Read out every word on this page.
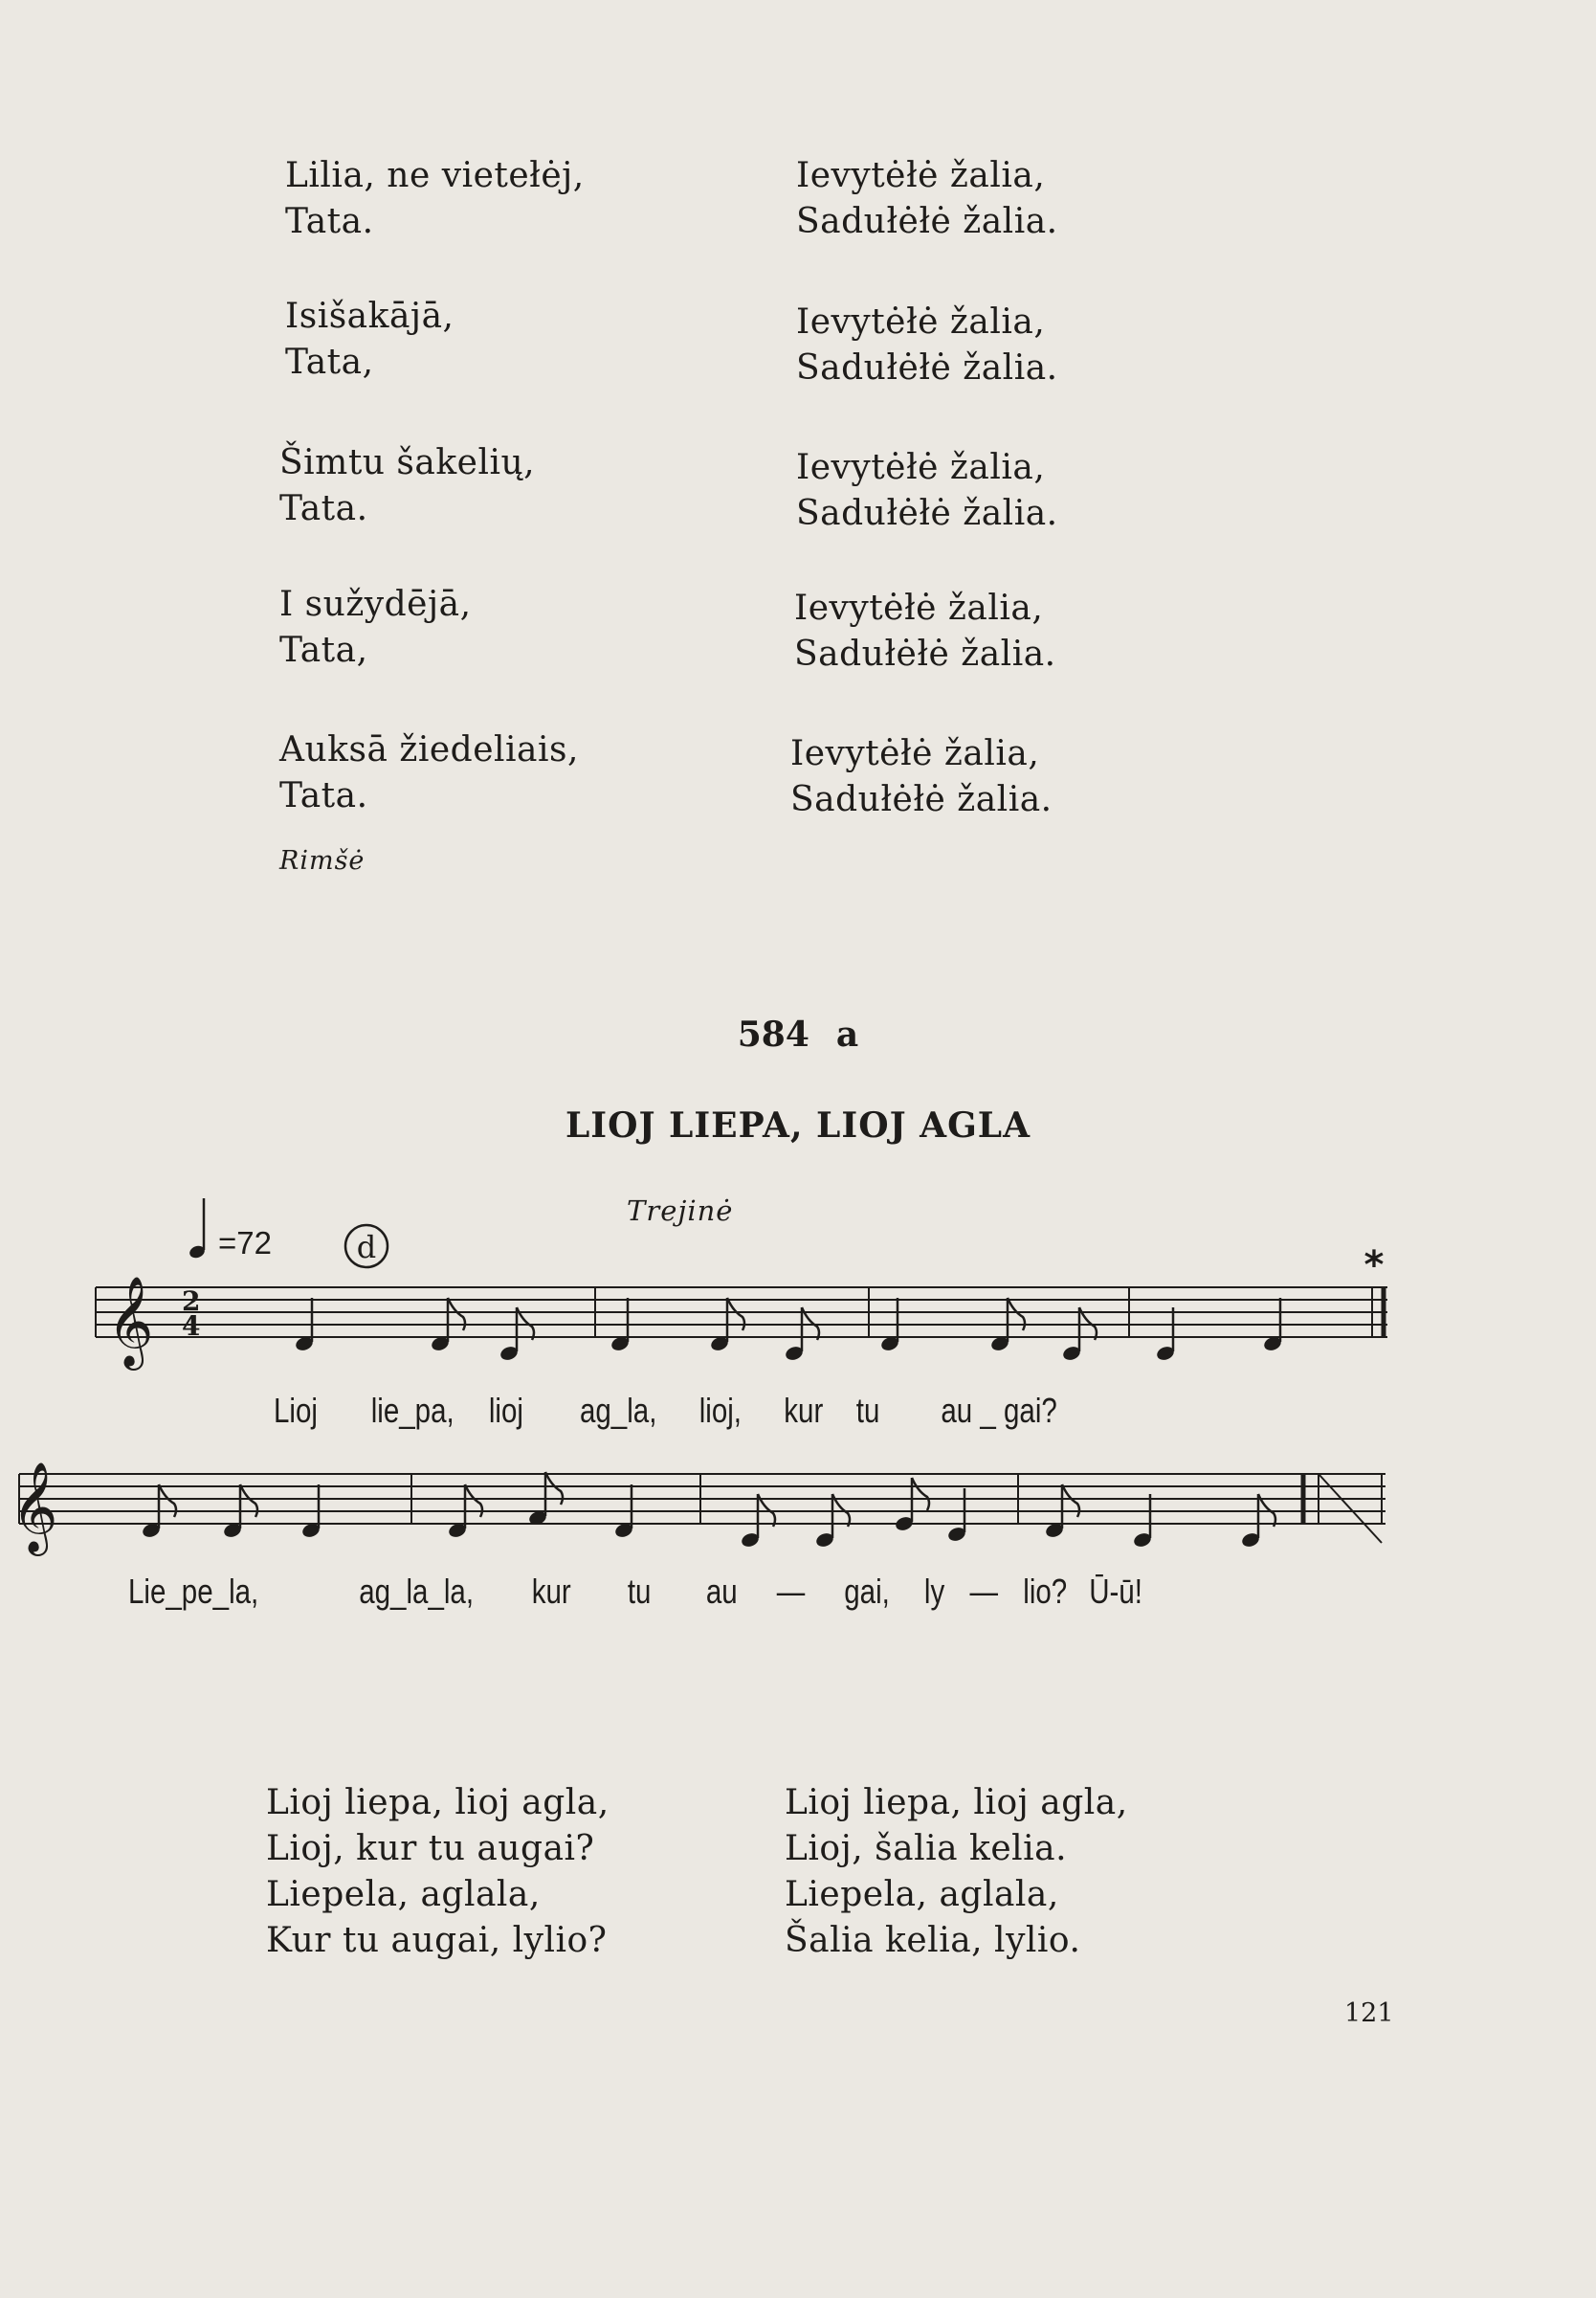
Lilia, ne vietełėj,
Tata.
Ievytėłė žalia,
Sadułėłė žalia.
Isišakājā,
Tata,
Ievytėłė žalia,
Sadułėłė žalia.
Šimtu šakelių,
Tata.
Ievytėłė žalia,
Sadułėłė žalia.
I sužydējā,
Tata,
Ievytėłė žalia,
Sadułėłė žalia.
Auksā žiedeliais,
Tata.
Ievytėłė žalia,
Sadułėłė žalia.
Rimšė
584 a
LIOJ LIEPA, LIOJ AGLA
Trejinė
=72	d	*
𝄞 2
4
𝄞
Lioj lie_pa, lioj ag_la, lioj, kur tu au _ gai?
Lie_pe_la,	ag_la_la, kur tu au — gai, ly — lio? Ū-ū!
Lioj liepa, lioj agla,
Lioj, kur tu augai?
Liepela, aglala,
Kur tu augai, lylio?
Lioj liepa, lioj agla,
Lioj, šalia kelia.
Liepela, aglala,
Šalia kelia, lylio.
121
